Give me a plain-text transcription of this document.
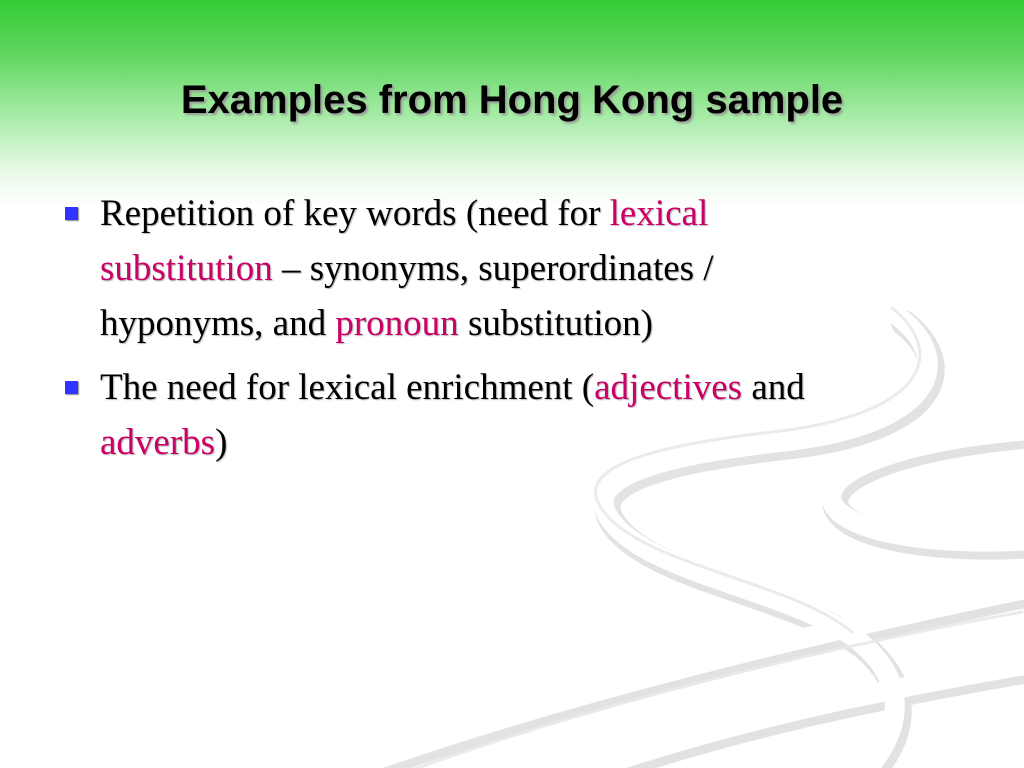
Examples from Hong Kong sample
Repetition of key words (need for lexical
substitution – synonyms, superordinates /
hyponyms, and pronoun substitution)
The need for lexical enrichment (adjectives and
adverbs)
